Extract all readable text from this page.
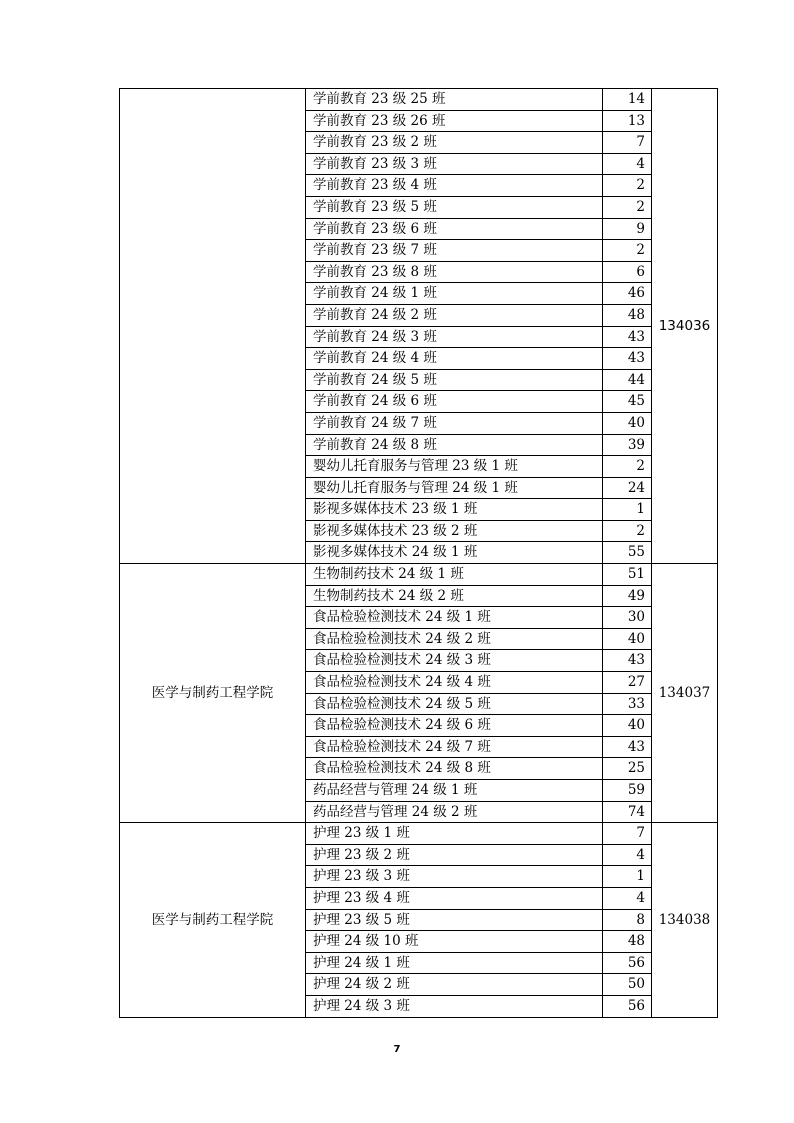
	学前教育 23 级 25 班	14	134036
	学前教育 23 级 26 班	13	
	学前教育 23 级 2 班	7	
	学前教育 23 级 3 班	4	
	学前教育 23 级 4 班	2	
	学前教育 23 级 5 班	2	
	学前教育 23 级 6 班	9	
	学前教育 23 级 7 班	2	
	学前教育 23 级 8 班	6	
	学前教育 24 级 1 班	46	
	学前教育 24 级 2 班	48	
	学前教育 24 级 3 班	43	
	学前教育 24 级 4 班	43	
	学前教育 24 级 5 班	44	
	学前教育 24 级 6 班	45	
	学前教育 24 级 7 班	40	
	学前教育 24 级 8 班	39	
	婴幼儿托育服务与管理 23 级 1 班	2	
	婴幼儿托育服务与管理 24 级 1 班	24	
	影视多媒体技术 23 级 1 班	1	
	影视多媒体技术 23 级 2 班	2	
	影视多媒体技术 24 级 1 班	55	
医学与制药工程学院	生物制药技术 24 级 1 班	51	134037
	生物制药技术 24 级 2 班	49	
	食品检验检测技术 24 级 1 班	30	
	食品检验检测技术 24 级 2 班	40	
	食品检验检测技术 24 级 3 班	43	
	食品检验检测技术 24 级 4 班	27	
	食品检验检测技术 24 级 5 班	33	
	食品检验检测技术 24 级 6 班	40	
	食品检验检测技术 24 级 7 班	43	
	食品检验检测技术 24 级 8 班	25	
	药品经营与管理 24 级 1 班	59	
	药品经营与管理 24 级 2 班	74	
医学与制药工程学院	护理 23 级 1 班	7	134038
	护理 23 级 2 班	4	
	护理 23 级 3 班	1	
	护理 23 级 4 班	4	
	护理 23 级 5 班	8	
	护理 24 级 10 班	48	
	护理 24 级 1 班	56	
	护理 24 级 2 班	50	
	护理 24 级 3 班	56	
7
